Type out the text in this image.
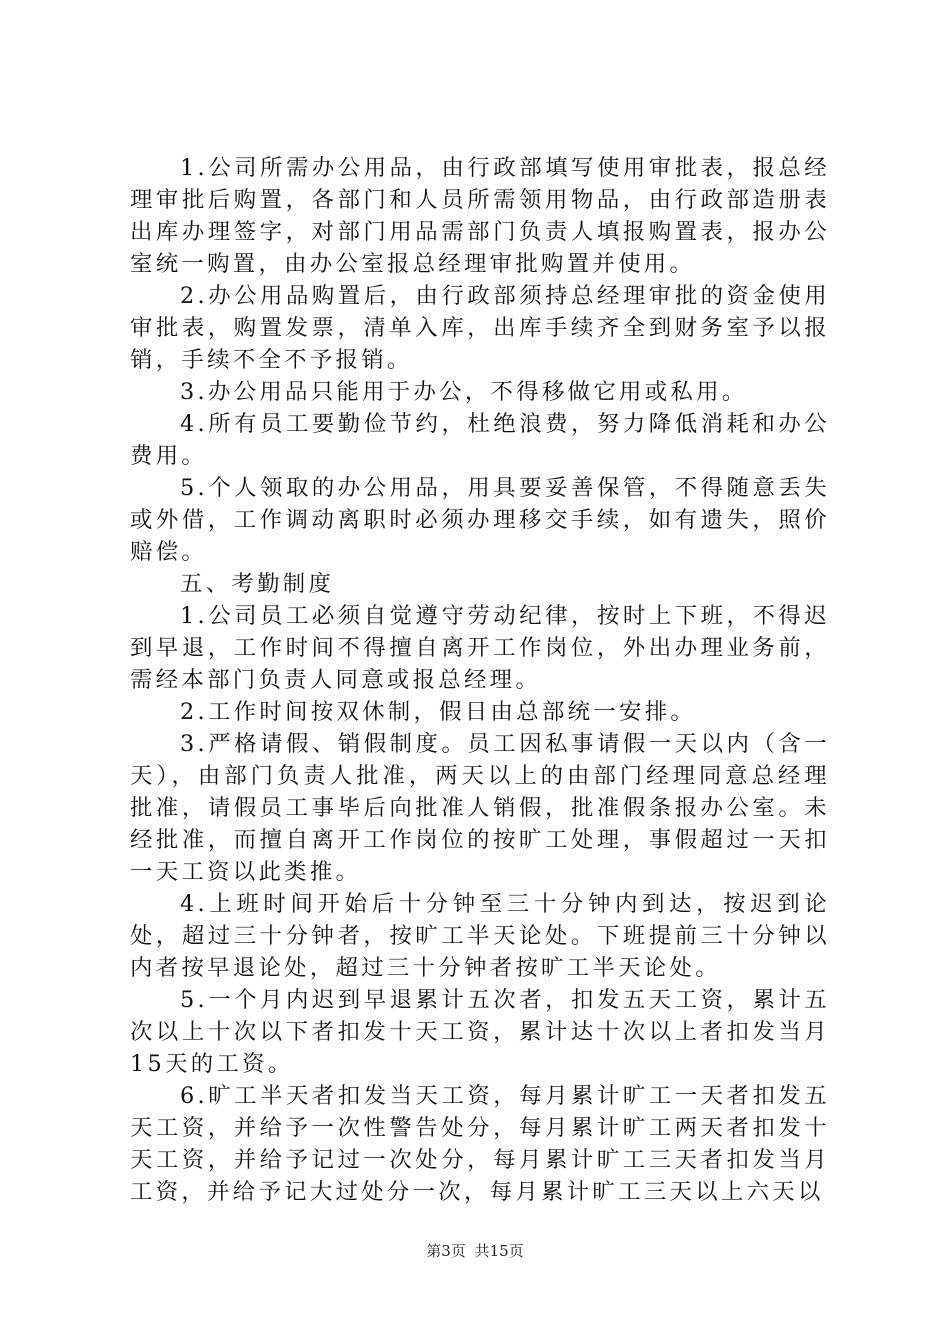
1.公司所需办公用品，由行政部填写使用审批表，报总经理审批后购置，各部门和人员所需领用物品，由行政部造册表出库办理签字，对部门用品需部门负责人填报购置表，报办公室统一购置，由办公室报总经理审批购置并使用。

2.办公用品购置后，由行政部须持总经理审批的资金使用审批表，购置发票，清单入库，出库手续齐全到财务室予以报销，手续不全不予报销。

3.办公用品只能用于办公，不得移做它用或私用。

4.所有员工要勤俭节约，杜绝浪费，努力降低消耗和办公费用。

5.个人领取的办公用品，用具要妥善保管，不得随意丢失或外借，工作调动离职时必须办理移交手续，如有遗失，照价赔偿。

五、考勤制度

1.公司员工必须自觉遵守劳动纪律，按时上下班，不得迟到早退，工作时间不得擅自离开工作岗位，外出办理业务前，需经本部门负责人同意或报总经理。

2.工作时间按双休制，假日由总部统一安排。

3.严格请假、销假制度。员工因私事请假一天以内（含一天），由部门负责人批准，两天以上的由部门经理同意总经理批准，请假员工事毕后向批准人销假，批准假条报办公室。未经批准，而擅自离开工作岗位的按旷工处理，事假超过一天扣一天工资以此类推。

4.上班时间开始后十分钟至三十分钟内到达，按迟到论处，超过三十分钟者，按旷工半天论处。下班提前三十分钟以内者按早退论处，超过三十分钟者按旷工半天论处。

5.一个月内迟到早退累计五次者，扣发五天工资，累计五次以上十次以下者扣发十天工资，累计达十次以上者扣发当月15天的工资。

6.旷工半天者扣发当天工资，每月累计旷工一天者扣发五天工资，并给予一次性警告处分，每月累计旷工两天者扣发十天工资，并给予记过一次处分，每月累计旷工三天者扣发当月工资，并给予记大过处分一次，每月累计旷工三天以上六天以

第3页 共15页
